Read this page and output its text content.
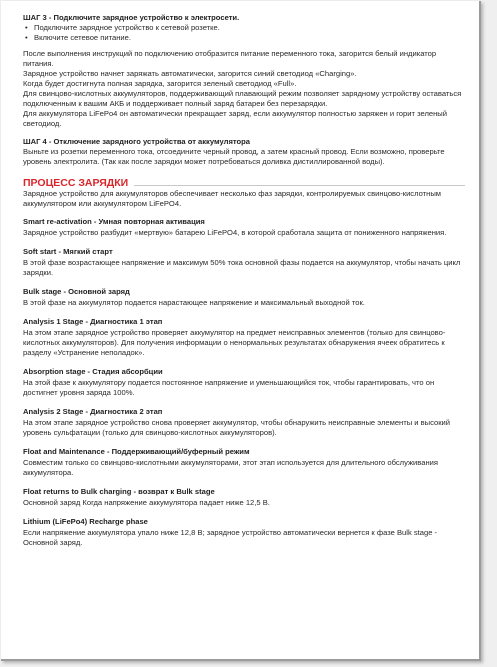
ШАГ 3 - Подключите зарядное устройство к электросети.

• Подключите зарядное устройство к сетевой розетке.
• Включите сетевое питание.

После выполнения инструкций по подключению отобразится питание переменного тока, загорится белый индикатор питания.

Зарядное устройство начнет заряжать автоматически, загорится синий светодиод «Charging».

Когда будет достигнута полная зарядка, загорится зеленый светодиод «Full».

Для свинцово-кислотных аккумуляторов, поддерживающий плавающий режим позволяет зарядному устройству оставаться подключенным к вашим АКБ и поддерживает полный заряд батареи без перезарядки.

Для аккумулятора LiFePo4 он автоматически прекращает заряд, если аккумулятор полностью заряжен и горит зеленый светодиод.

ШАГ 4 - Отключение зарядного устройства от аккумулятора

Выньте из розетки переменного тока, отсоедините черный провод, а затем красный провод. Если возможно, проверьте уровень электролита. (Так как после зарядки может потребоваться доливка дистиллированной воды).

ПРОЦЕСС ЗАРЯДКИ

Зарядное устройство для аккумуляторов обеспечивает несколько фаз зарядки, контролируемых свинцово-кислотным аккумулятором или аккумулятором LiFePO4.

Smart re-activation - Умная повторная активация

Зарядное устройство разбудит «мертвую» батарею LiFePO4, в которой сработала защита от пониженного напряжения.

Soft start - Мягкий старт

В этой фазе возрастающее напряжение и максимум 50% тока основной фазы подается на аккумулятор, чтобы начать цикл зарядки.

Bulk stage - Основной заряд

В этой фазе на аккумулятор подается нарастающее напряжение и максимальный выходной ток.

Analysis 1 Stage - Диагностика 1 этап

На этом этапе зарядное устройство проверяет аккумулятор на предмет неисправных элементов (только для свинцово-кислотных аккумуляторов). Для получения информации о ненормальных результатах обнаружения ячеек обратитесь к разделу «Устранение неполадок».

Absorption stage - Стадия абсорбции

На этой фазе к аккумулятору подается постоянное напряжение и уменьшающийся ток, чтобы гарантировать, что он достигнет уровня заряда 100%.

Analysis 2 Stage - Диагностика 2 этап

На этом этапе зарядное устройство снова проверяет аккумулятор, чтобы обнаружить неисправные элементы и высокий уровень сульфатации (только для свинцово-кислотных аккумуляторов).

Float and Maintenance - Поддерживающий/буферный режим

Совместим только со свинцово-кислотными аккумуляторами, этот этап используется для длительного обслуживания аккумулятора.

Float returns to Bulk charging - возврат к Bulk stage

Основной заряд Когда напряжение аккумулятора падает ниже 12,5 В.

Lithium (LiFePo4) Recharge phase

Если напряжение аккумулятора упало ниже 12,8 В; зарядное устройство автоматически вернется к фазе Bulk stage - Основной заряд.
